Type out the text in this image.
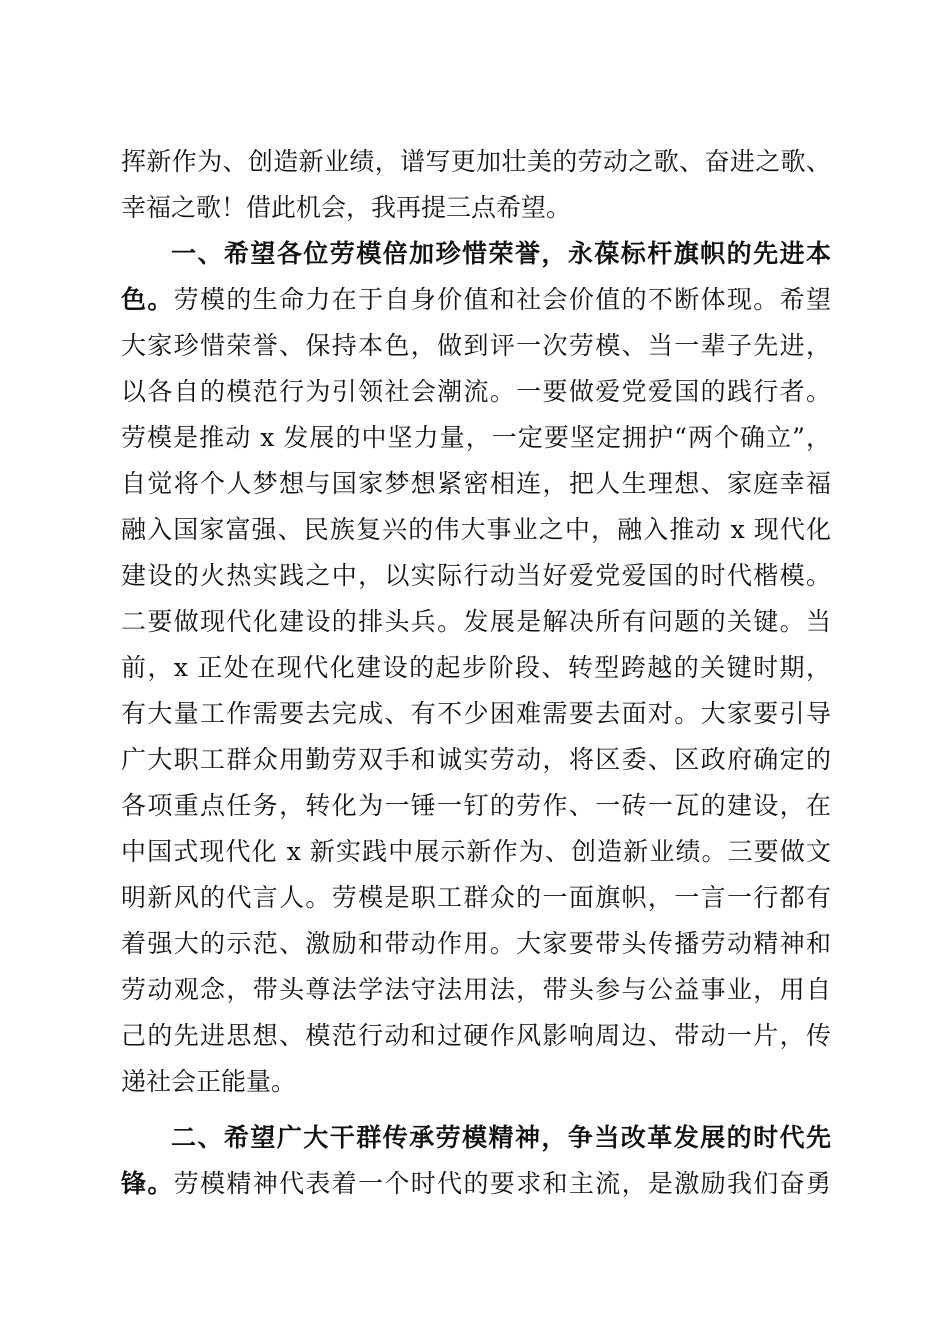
挥新作为、创造新业绩，谱写更加壮美的劳动之歌、奋进之歌、
幸福之歌！借此机会，我再提三点希望。
一、希望各位劳模倍加珍惜荣誉，永葆标杆旗帜的先进本
色。劳模的生命力在于自身价值和社会价值的不断体现。希望
大家珍惜荣誉、保持本色，做到评一次劳模、当一辈子先进，
以各自的模范行为引领社会潮流。一要做爱党爱国的践行者。
劳模是推动 x 发展的中坚力量，一定要坚定拥护“两个确立”，
自觉将个人梦想与国家梦想紧密相连，把人生理想、家庭幸福
融入国家富强、民族复兴的伟大事业之中，融入推动 x 现代化
建设的火热实践之中，以实际行动当好爱党爱国的时代楷模。
二要做现代化建设的排头兵。发展是解决所有问题的关键。当
前，x 正处在现代化建设的起步阶段、转型跨越的关键时期，
有大量工作需要去完成、有不少困难需要去面对。大家要引导
广大职工群众用勤劳双手和诚实劳动，将区委、区政府确定的
各项重点任务，转化为一锤一钉的劳作、一砖一瓦的建设，在
中国式现代化 x 新实践中展示新作为、创造新业绩。三要做文
明新风的代言人。劳模是职工群众的一面旗帜，一言一行都有
着强大的示范、激励和带动作用。大家要带头传播劳动精神和
劳动观念，带头尊法学法守法用法，带头参与公益事业，用自
己的先进思想、模范行动和过硬作风影响周边、带动一片，传
递社会正能量。
二、希望广大干群传承劳模精神，争当改革发展的时代先
锋。劳模精神代表着一个时代的要求和主流，是激励我们奋勇
